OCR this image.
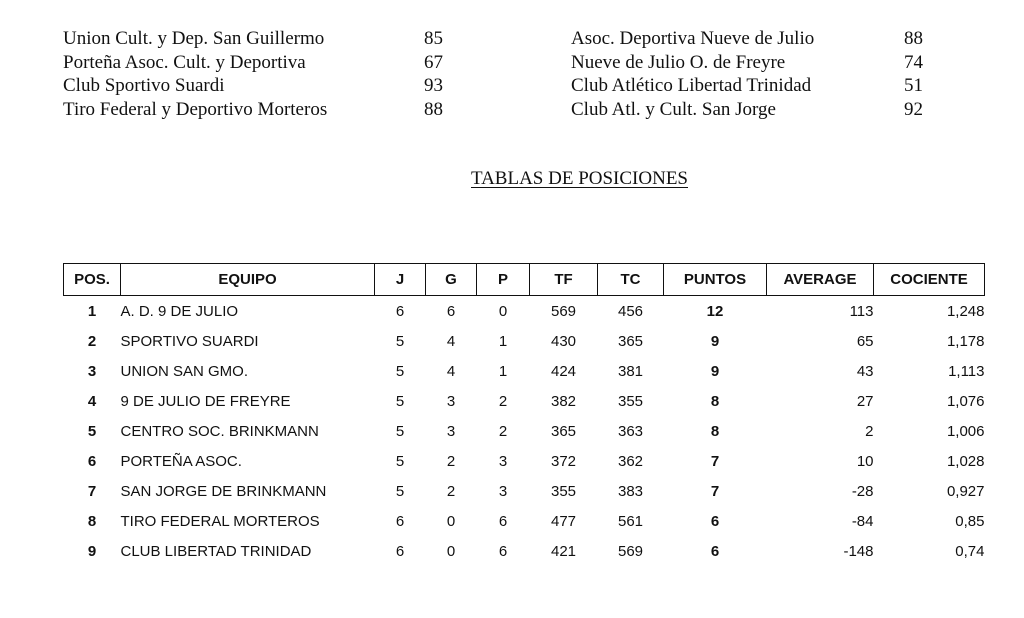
Union Cult. y Dep. San Guillermo	85
Porteña Asoc. Cult. y Deportiva	67
Club Sportivo Suardi	93
Tiro Federal y Deportivo Morteros	88
Asoc. Deportiva Nueve de Julio	88
Nueve de Julio O. de Freyre	74
Club Atlético Libertad Trinidad	51
Club Atl. y Cult. San Jorge	92
TABLAS DE POSICIONES
POS.	EQUIPO	J	G	P	TF	TC	PUNTOS	AVERAGE	COCIENTE
1	A. D. 9 DE JULIO	6	6	0	569	456	12	113	1,248
2	SPORTIVO SUARDI	5	4	1	430	365	9	65	1,178
3	UNION SAN GMO.	5	4	1	424	381	9	43	1,113
4	9 DE JULIO DE FREYRE	5	3	2	382	355	8	27	1,076
5	CENTRO SOC. BRINKMANN	5	3	2	365	363	8	2	1,006
6	PORTEÑA ASOC.	5	2	3	372	362	7	10	1,028
7	SAN JORGE DE BRINKMANN	5	2	3	355	383	7	-28	0,927
8	TIRO FEDERAL MORTEROS	6	0	6	477	561	6	-84	0,85
9	CLUB LIBERTAD TRINIDAD	6	0	6	421	569	6	-148	0,74
